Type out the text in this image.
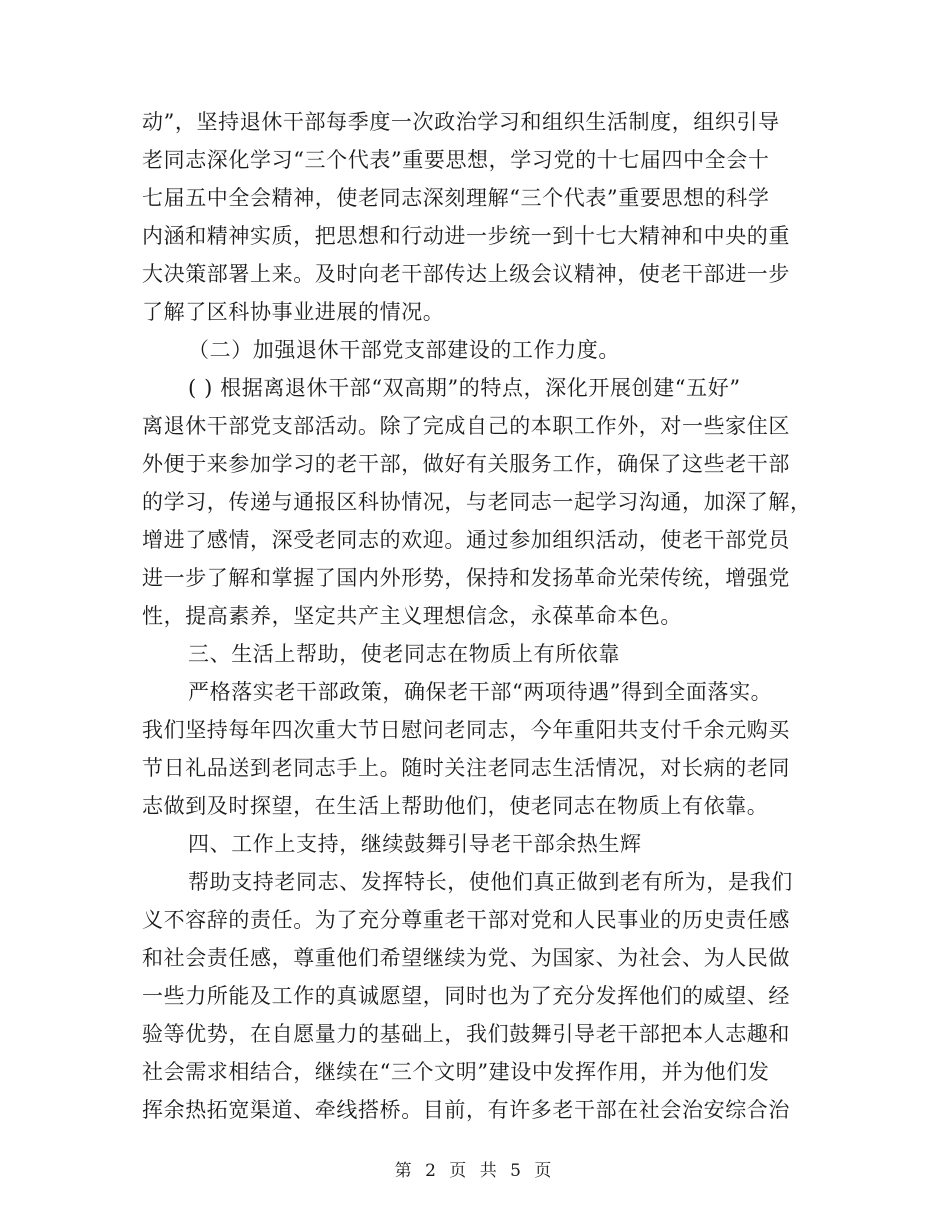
动”，坚持退休干部每季度一次政治学习和组织生活制度，组织引导
老同志深化学习“三个代表”重要思想，学习党的十七届四中全会十
七届五中全会精神，使老同志深刻理解“三个代表”重要思想的科学
内涵和精神实质，把思想和行动进一步统一到十七大精神和中央的重
大决策部署上来。及时向老干部传达上级会议精神，使老干部进一步
了解了区科协事业进展的情况。
（二）加强退休干部党支部建设的工作力度。
( ) 根据离退休干部“双高期”的特点，深化开展创建“五好”
离退休干部党支部活动。除了完成自己的本职工作外，对一些家住区
外便于来参加学习的老干部，做好有关服务工作，确保了这些老干部
的学习，传递与通报区科协情况，与老同志一起学习沟通，加深了解，
增进了感情，深受老同志的欢迎。通过参加组织活动，使老干部党员
进一步了解和掌握了国内外形势，保持和发扬革命光荣传统，增强党
性，提高素养，坚定共产主义理想信念，永葆革命本色。
三、生活上帮助，使老同志在物质上有所依靠
严格落实老干部政策，确保老干部“两项待遇”得到全面落实。
我们坚持每年四次重大节日慰问老同志，今年重阳共支付千余元购买
节日礼品送到老同志手上。随时关注老同志生活情况，对长病的老同
志做到及时探望，在生活上帮助他们，使老同志在物质上有依靠。
四、工作上支持，继续鼓舞引导老干部余热生辉
帮助支持老同志、发挥特长，使他们真正做到老有所为，是我们
义不容辞的责任。为了充分尊重老干部对党和人民事业的历史责任感
和社会责任感，尊重他们希望继续为党、为国家、为社会、为人民做
一些力所能及工作的真诚愿望，同时也为了充分发挥他们的威望、经
验等优势，在自愿量力的基础上，我们鼓舞引导老干部把本人志趣和
社会需求相结合，继续在“三个文明”建设中发挥作用，并为他们发
挥余热拓宽渠道、牵线搭桥。目前，有许多老干部在社会治安综合治
第 2 页 共 5 页
